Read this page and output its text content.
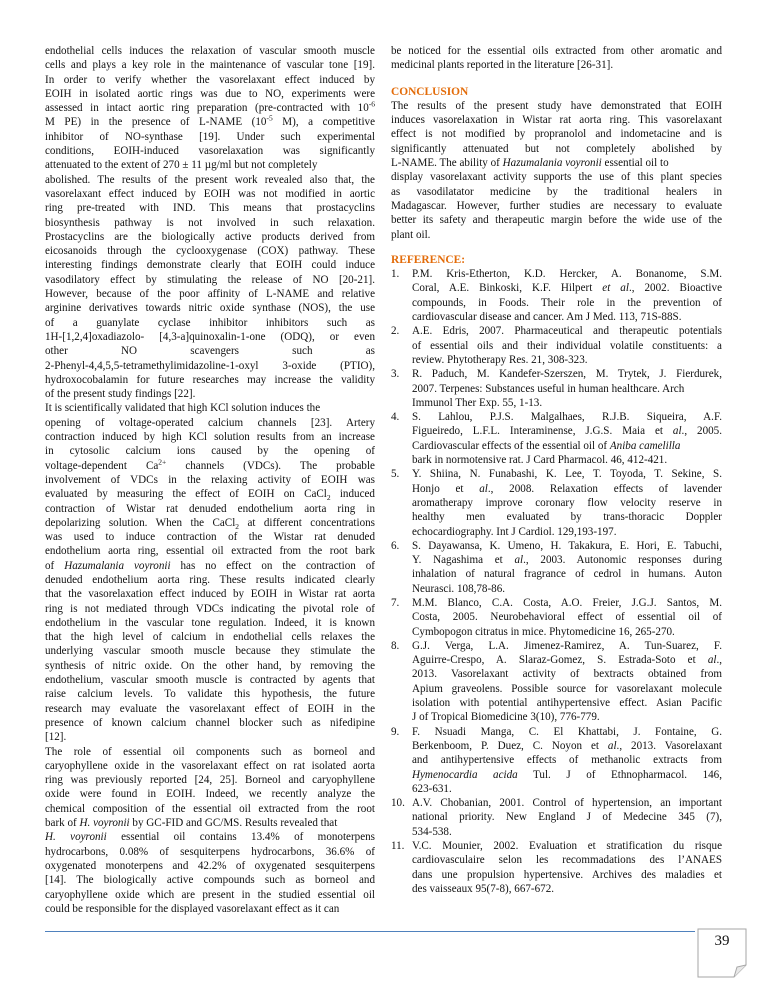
endothelial cells induces the relaxation of vascular smooth muscle
cells and plays a key role in the maintenance of vascular tone [19].
In order to verify whether the vasorelaxant effect induced by
EOIH in isolated aortic rings was due to NO, experiments were
assessed in intact aortic ring preparation (pre-contracted with $10^{-6}$
M PE) in the presence of L-NAME ($10^{-5}$ M), a competitive
inhibitor of NO-synthase [19]. Under such experimental
conditions, EOIH-induced vasorelaxation was significantly
attenuated to the extent of 270 ± 11 µg/ml but not completely
abolished. The results of the present work revealed also that, the
vasorelaxant effect induced by EOIH was not modified in aortic
ring pre-treated with IND. This means that prostacyclins
biosynthesis pathway is not involved in such relaxation.
Prostacyclins are the biologically active products derived from
eicosanoids through the cyclooxygenase (COX) pathway. These
interesting findings demonstrate clearly that EOIH could induce
vasodilatory effect by stimulating the release of NO [20-21].
However, because of the poor affinity of L-NAME and relative
arginine derivatives towards nitric oxide synthase (NOS), the use
of a guanylate cyclase inhibitor inhibitors such as
1H-[1,2,4]oxadiazolo- [4,3-a]quinoxalin-1-one (ODQ), or even
other NO scavengers such as
2-Phenyl-4,4,5,5-tetramethylimidazoline-1-oxyl 3-oxide (PTIO),
hydroxocobalamin for future researches may increase the validity
of the present study findings [22].
It is scientifically validated that high KCl solution induces the
opening of voltage-operated calcium channels [23]. Artery
contraction induced by high KCl solution results from an increase
in cytosolic calcium ions caused by the opening of
voltage-dependent $Ca^{2+}$ channels (VDCs). The probable
involvement of VDCs in the relaxing activity of EOIH was
evaluated by measuring the effect of EOIH on CaCl$_2$ induced
contraction of Wistar rat denuded endothelium aorta ring in
depolarizing solution. When the CaCl$_2$ at different concentrations
was used to induce contraction of the Wistar rat denuded
endothelium aorta ring, essential oil extracted from the root bark
of Hazumalania voyronii has no effect on the contraction of
denuded endothelium aorta ring. These results indicated clearly
that the vasorelaxation effect induced by EOIH in Wistar rat aorta
ring is not mediated through VDCs indicating the pivotal role of
endothelium in the vascular tone regulation. Indeed, it is known
that the high level of calcium in endothelial cells relaxes the
underlying vascular smooth muscle because they stimulate the
synthesis of nitric oxide. On the other hand, by removing the
endothelium, vascular smooth muscle is contracted by agents that
raise calcium levels. To validate this hypothesis, the future
research may evaluate the vasorelaxant effect of EOIH in the
presence of known calcium channel blocker such as nifedipine
[12].
The role of essential oil components such as borneol and
caryophyllene oxide in the vasorelaxant effect on rat isolated aorta
ring was previously reported [24, 25]. Borneol and caryophyllene
oxide were found in EOIH. Indeed, we recently analyze the
chemical composition of the essential oil extracted from the root
bark of H. voyronii by GC-FID and GC/MS. Results revealed that
H. voyronii essential oil contains 13.4% of monoterpens
hydrocarbons, 0.08% of sesquiterpens hydrocarbons, 36.6% of
oxygenated monoterpens and 42.2% of oxygenated sesquiterpens
[14]. The biologically active compounds such as borneol and
caryophyllene oxide which are present in the studied essential oil
could be responsible for the displayed vasorelaxant effect as it can
be noticed for the essential oils extracted from other aromatic and
medicinal plants reported in the literature [26-31].
CONCLUSION
The results of the present study have demonstrated that EOIH
induces vasorelaxation in Wistar rat aorta ring. This vasorelaxant
effect is not modified by propranolol and indometacine and is
significantly attenuated but not completely abolished by
L-NAME. The ability of Hazumalania voyronii essential oil to
display vasorelaxant activity supports the use of this plant species
as vasodilatator medicine by the traditional healers in
Madagascar. However, further studies are necessary to evaluate
better its safety and therapeutic margin before the wide use of the
plant oil.
REFERENCE:
1. P.M. Kris-Etherton, K.D. Hercker, A. Bonanome, S.M.
Coral, A.E. Binkoski, K.F. Hilpert et al., 2002. Bioactive
compounds, in Foods. Their role in the prevention of
cardiovascular disease and cancer. Am J Med. 113, 71S-88S.
2. A.E. Edris, 2007. Pharmaceutical and therapeutic potentials
of essential oils and their individual volatile constituents: a
review. Phytotherapy Res. 21, 308-323.
3. R. Paduch, M. Kandefer-Szerszen, M. Trytek, J. Fierdurek,
2007. Terpenes: Substances useful in human healthcare. Arch
Immunol Ther Exp. 55, 1-13.
4. S. Lahlou, P.J.S. Malgalhaes, R.J.B. Siqueira, A.F.
Figueiredo, L.F.L. Interaminense, J.G.S. Maia et al., 2005.
Cardiovascular effects of the essential oil of Aniba camelilla
bark in normotensive rat. J Card Pharmacol. 46, 412-421.
5. Y. Shiina, N. Funabashi, K. Lee, T. Toyoda, T. Sekine, S.
Honjo et al., 2008. Relaxation effects of lavender
aromatherapy improve coronary flow velocity reserve in
healthy men evaluated by trans-thoracic Doppler
echocardiography. Int J Cardiol. 129,193-197.
6. S. Dayawansa, K. Umeno, H. Takakura, E. Hori, E. Tabuchi,
Y. Nagashima et al., 2003. Autonomic responses during
inhalation of natural fragrance of cedrol in humans. Auton
Neurasci. 108,78-86.
7. M.M. Blanco, C.A. Costa, A.O. Freier, J.G.J. Santos, M.
Costa, 2005. Neurobehavioral effect of essential oil of
Cymbopogon citratus in mice. Phytomedicine 16, 265-270.
8. G.J. Verga, L.A. Jimenez-Ramirez, A. Tun-Suarez, F.
Aguirre-Crespo, A. Slaraz-Gomez, S. Estrada-Soto et al.,
2013. Vasorelaxant activity of bextracts obtained from
Apium graveolens. Possible source for vasorelaxant molecule
isolation with potential antihypertensive effect. Asian Pacific
J of Tropical Biomedicine 3(10), 776-779.
9. F. Nsuadi Manga, C. El Khattabi, J. Fontaine, G.
Berkenboom, P. Duez, C. Noyon et al., 2013. Vasorelaxant
and antihypertensive effects of methanolic extracts from
Hymenocardia acida Tul. J of Ethnopharmacol. 146,
623-631.
10. A.V. Chobanian, 2001. Control of hypertension, an important
national priority. New England J of Medecine 345 (7),
534-538.
11. V.C. Mounier, 2002. Evaluation et stratification du risque
cardiovasculaire selon les recommadations des l’ANAES
dans une propulsion hypertensive. Archives des maladies et
des vaisseaux 95(7-8), 667-672.
39
